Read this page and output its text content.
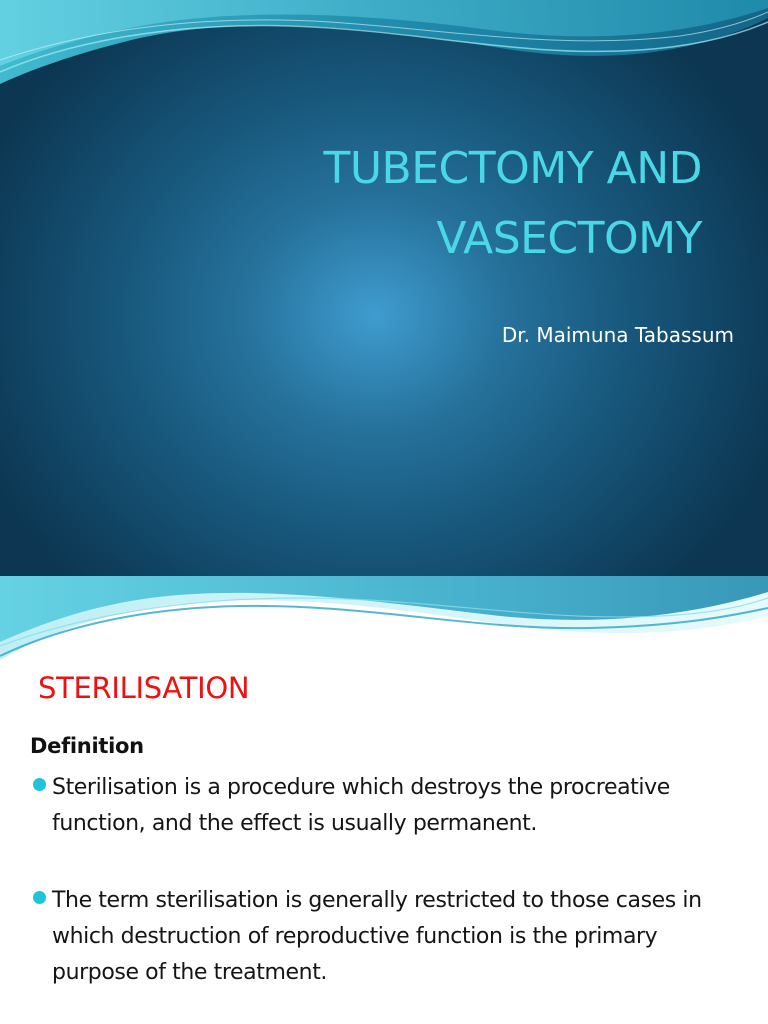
TUBECTOMY AND VASECTOMY
Dr. Maimuna Tabassum
STERILISATION
Definition
Sterilisation is a procedure which destroys the procreative function, and the effect is usually permanent.
The term sterilisation is generally restricted to those cases in which destruction of reproductive function is the primary purpose of the treatment.
